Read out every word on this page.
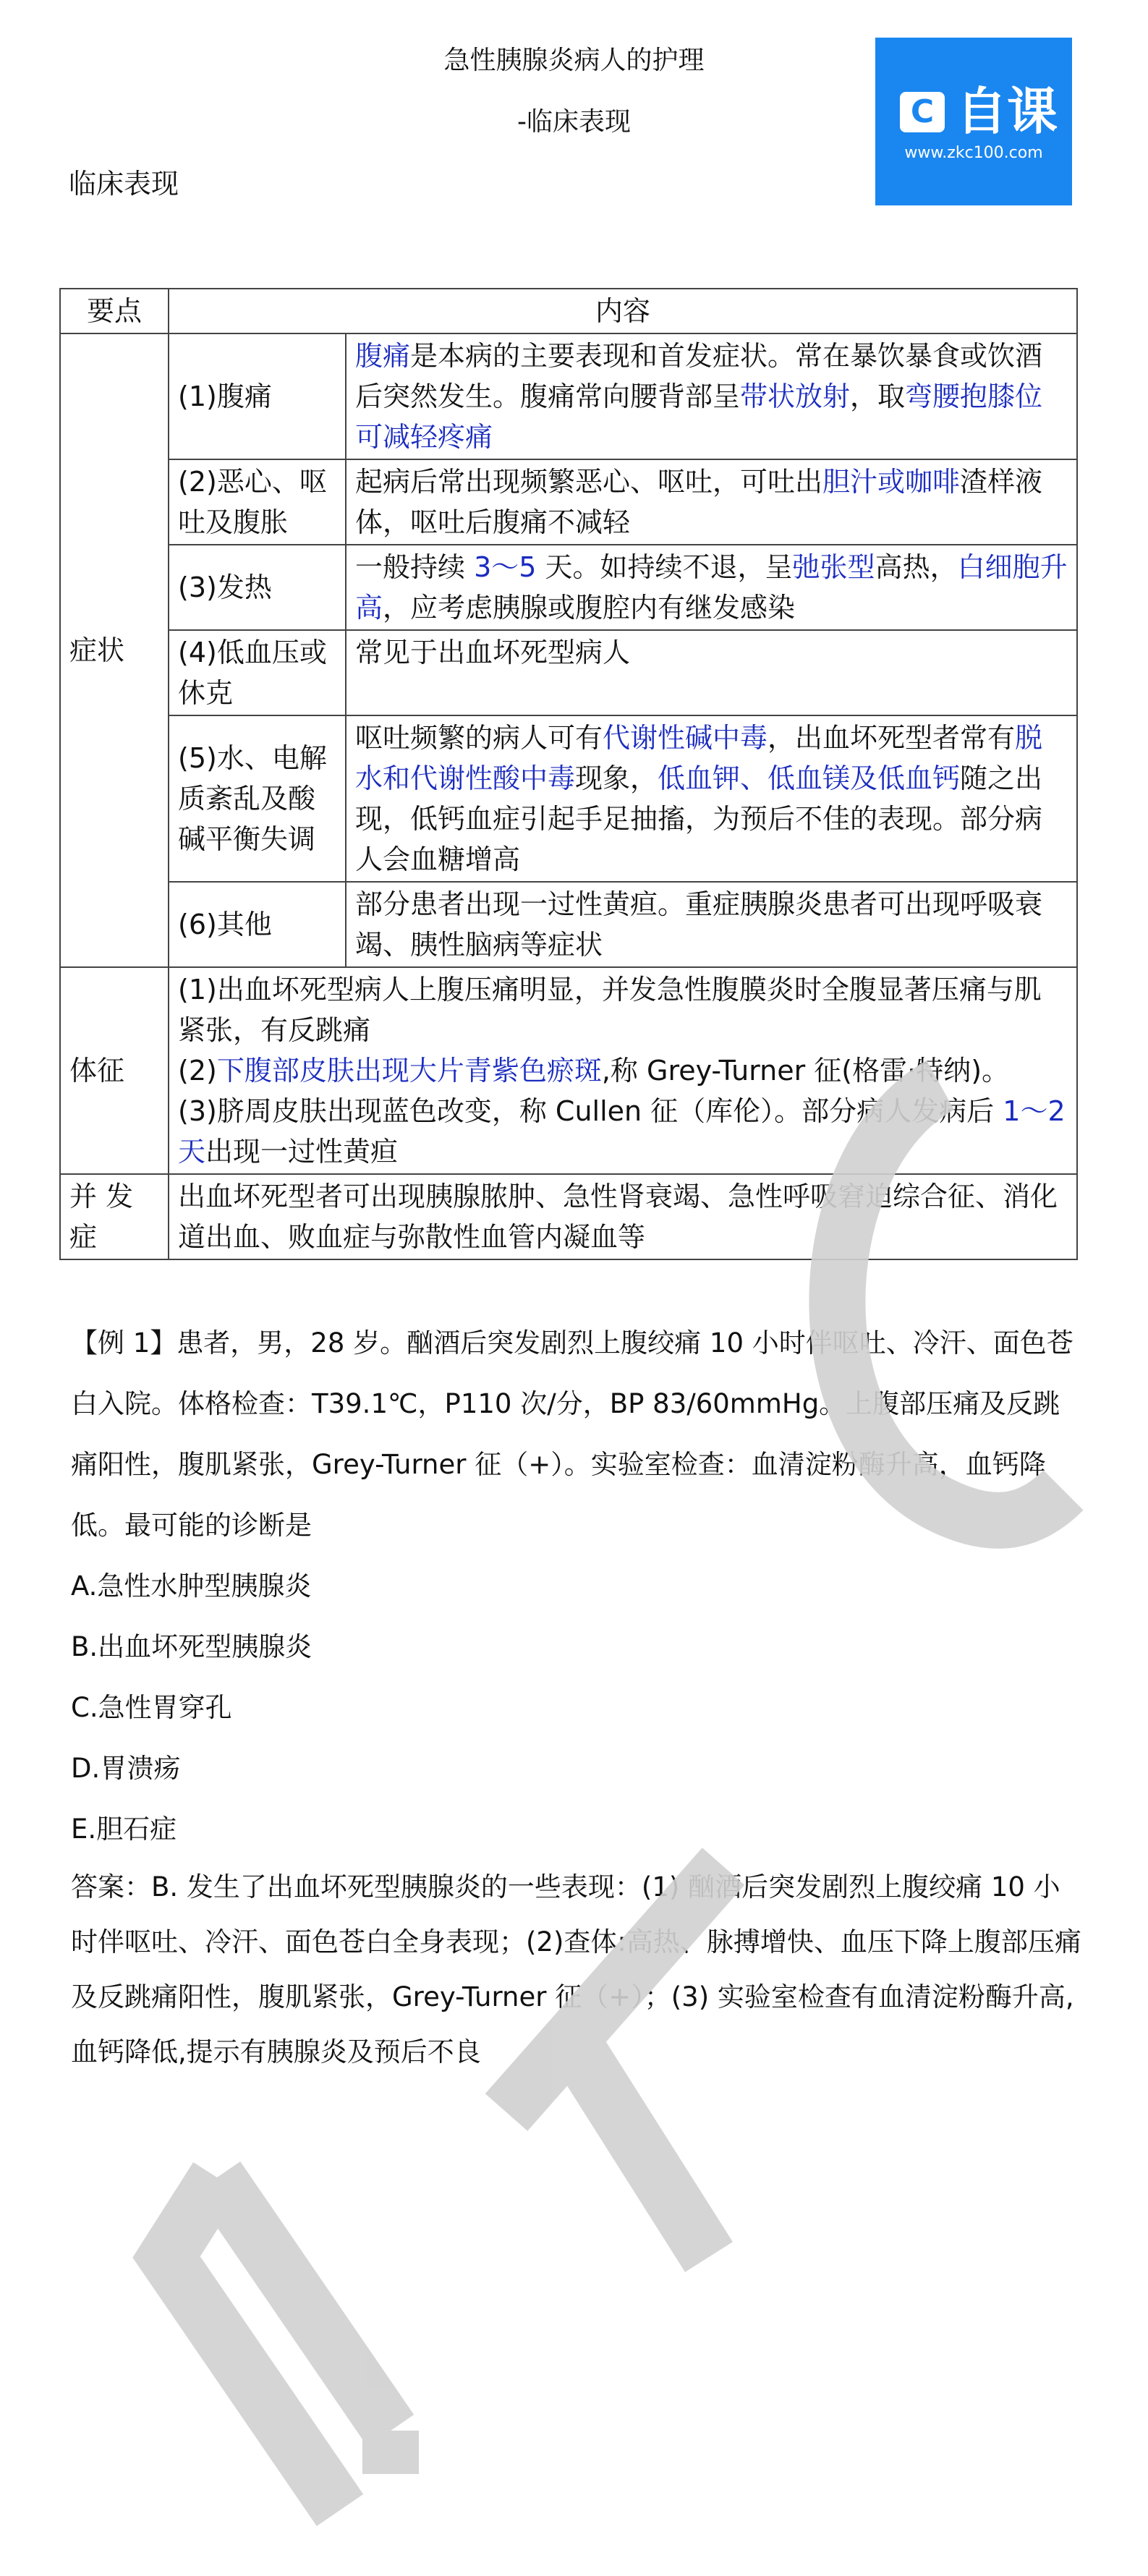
急性胰腺炎病人的护理
-临床表现	C 自课
www.zkc100.com
临床表现
要点	内容	
症状	(1)腹痛	腹痛是本病的主要表现和首发症状。常在暴饮暴食或饮酒后突然发生。腹痛常向腰背部呈带状放射，取弯腰抱膝位可减轻疼痛
	(2)恶心、呕吐及腹胀	起病后常出现频繁恶心、呕吐，可吐出胆汁或咖啡渣样液体，呕吐后腹痛不减轻
	(3)发热	一般持续 3～5 天。如持续不退，呈弛张型高热，白细胞升高，应考虑胰腺或腹腔内有继发感染
	(4)低血压或休克	常见于出血坏死型病人
	(5)水、电解质紊乱及酸碱平衡失调	呕吐频繁的病人可有代谢性碱中毒，出血坏死型者常有脱水和代谢性酸中毒现象，低血钾、低血镁及低血钙随之出现，低钙血症引起手足抽搐，为预后不佳的表现。部分病人会血糖增高
	(6)其他	部分患者出现一过性黄疸。重症胰腺炎患者可出现呼吸衰竭、胰性脑病等症状
体征	(1)出血坏死型病人上腹压痛明显，并发急性腹膜炎时全腹显著压痛与肌紧张，有反跳痛
(2)下腹部皮肤出现大片青紫色瘀斑,称 Grey-Turner 征(格雷·特纳)。
(3)脐周皮肤出现蓝色改变，称 Cullen 征（库伦）。部分病人发病后 1～2 天出现一过性黄疸	

并 发 症	出血坏死型者可出现胰腺脓肿、急性肾衰竭、急性呼吸窘迫综合征、消化道出血、败血症与弥散性血管内凝血等	

【例 1】患者，男，28 岁。酗酒后突发剧烈上腹绞痛 10 小时伴呕吐、冷汗、面色苍白入院。体格检查：T39.1℃，P110 次/分，BP 83/60mmHg。上腹部压痛及反跳痛阳性，腹肌紧张，Grey-Turner 征（+）。实验室检查：血清淀粉酶升高，血钙降低。最可能的诊断是

A.急性水肿型胰腺炎

B.出血坏死型胰腺炎

C.急性胃穿孔

D.胃溃疡

E.胆石症

答案：B. 发生了出血坏死型胰腺炎的一些表现：(1) 酗酒后突发剧烈上腹绞痛 10 小时伴呕吐、冷汗、面色苍白全身表现；(2)查体:高热、脉搏增快、血压下降上腹部压痛及反跳痛阳性，腹肌紧张，Grey-Turner 征（+）；(3) 实验室检查有血清淀粉酶升高,血钙降低,提示有胰腺炎及预后不良
